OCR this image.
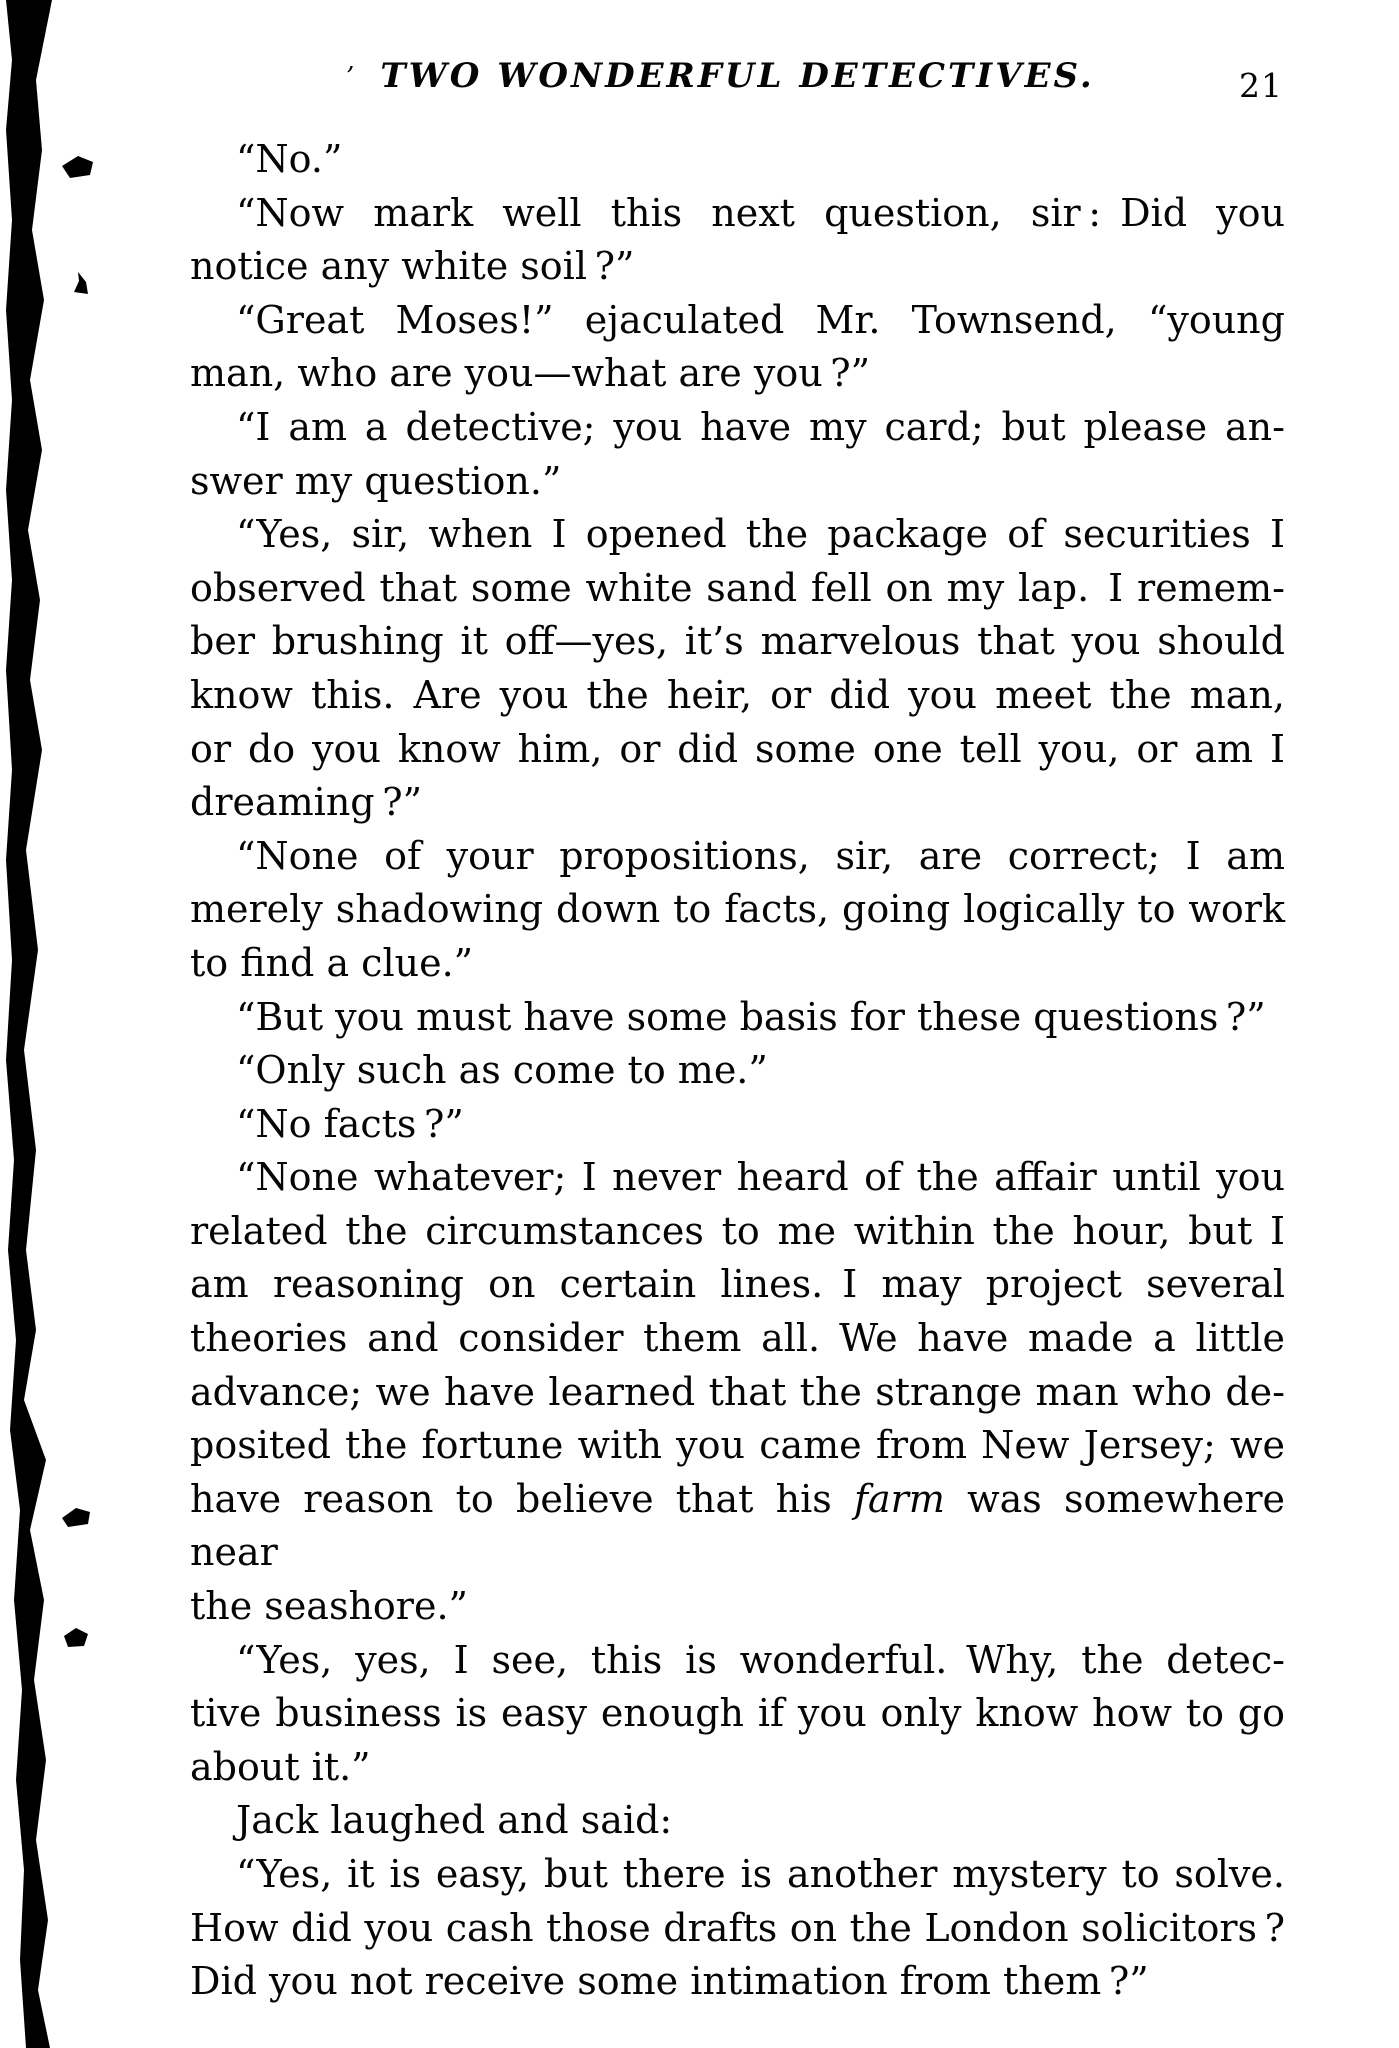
’ TWO WONDERFUL DETECTIVES.	21
“No.”
“Now mark well this next question, sir : Did you
notice any white soil ?”
“Great Moses!” ejaculated Mr. Townsend, “young
man, who are you—what are you ?”
“I am a detective; you have my card; but please an-
swer my question.”
“Yes, sir, when I opened the package of securities I
observed that some white sand fell on my lap. I remem-
ber brushing it off—yes, it’s marvelous that you should
know this. Are you the heir, or did you meet the man,
or do you know him, or did some one tell you, or am I
dreaming ?”
“None of your propositions, sir, are correct; I am
merely shadowing down to facts, going logically to work
to find a clue.”
“But you must have some basis for these questions ?”
“Only such as come to me.”
“No facts ?”
“None whatever; I never heard of the affair until you
related the circumstances to me within the hour, but I
am reasoning on certain lines. I may project several
theories and consider them all. We have made a little
advance; we have learned that the strange man who de-
posited the fortune with you came from New Jersey; we
have reason to believe that his farm was somewhere near
the seashore.”
“Yes, yes, I see, this is wonderful. Why, the detec-
tive business is easy enough if you only know how to go
about it.”
Jack laughed and said:
“Yes, it is easy, but there is another mystery to solve.
How did you cash those drafts on the London solicitors ?
Did you not receive some intimation from them ?”
